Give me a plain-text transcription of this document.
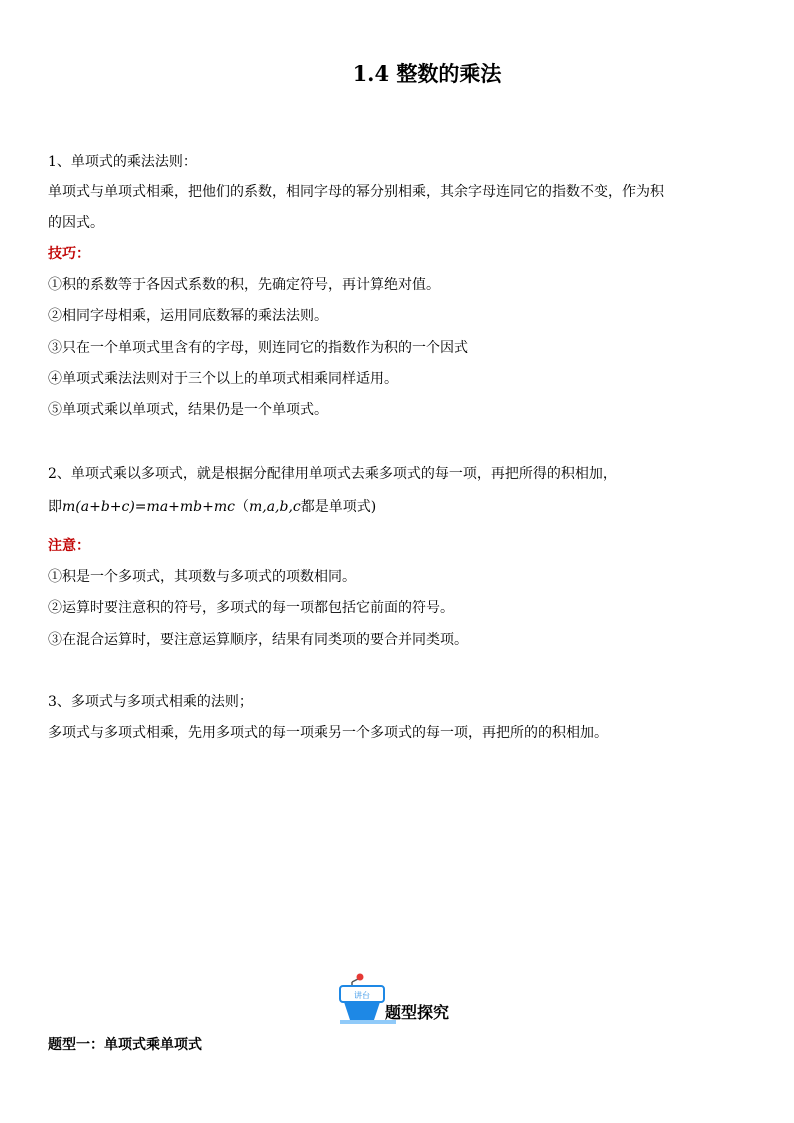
1.4 整数的乘法
1、单项式的乘法法则：
单项式与单项式相乘，把他们的系数，相同字母的幂分别相乘，其余字母连同它的指数不变，作为积
的因式。
技巧：
①积的系数等于各因式系数的积，先确定符号，再计算绝对值。
②相同字母相乘，运用同底数幂的乘法法则。
③只在一个单项式里含有的字母，则连同它的指数作为积的一个因式
④单项式乘法法则对于三个以上的单项式相乘同样适用。
⑤单项式乘以单项式，结果仍是一个单项式。
2、单项式乘以多项式，就是根据分配律用单项式去乘多项式的每一项，再把所得的积相加，
即m(a+b+c)=ma+mb+mc（m,a,b,c都是单项式)
注意：
①积是一个多项式，其项数与多项式的项数相同。
②运算时要注意积的符号，多项式的每一项都包括它前面的符号。
③在混合运算时，要注意运算顺序，结果有同类项的要合并同类项。
3、多项式与多项式相乘的法则；
多项式与多项式相乘，先用多项式的每一项乘另一个多项式的每一项，再把所的的积相加。
讲台
题型探究
题型一：单项式乘单项式
